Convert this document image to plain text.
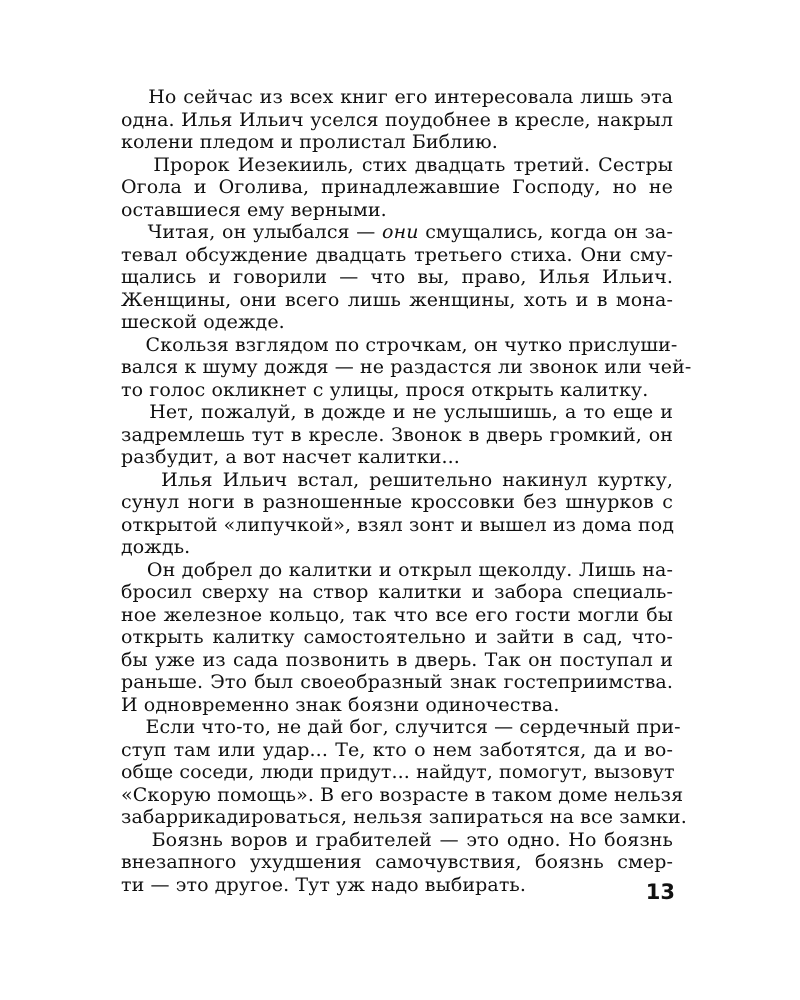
Но сейчас из всех книг его интересовала лишь эта
одна. Илья Ильич уселся поудобнее в кресле, накрыл
колени пледом и пролистал Библию.
Пророк Иезекииль, стих двадцать третий. Сестры
Огола и Оголива, принадлежавшие Господу, но не
оставшиеся ему верными.
Читая, он улыбался — они смущались, когда он за-
тевал обсуждение двадцать третьего стиха. Они сму-
щались и говорили — что вы, право, Илья Ильич.
Женщины, они всего лишь женщины, хоть и в мона-
шеской одежде.
Скользя взглядом по строчкам, он чутко прислуши-
вался к шуму дождя — не раздастся ли звонок или чей-
то голос окликнет с улицы, прося открыть калитку.
Нет, пожалуй, в дожде и не услышишь, а то еще и
задремлешь тут в кресле. Звонок в дверь громкий, он
разбудит, а вот насчет калитки...
Илья Ильич встал, решительно накинул куртку,
сунул ноги в разношенные кроссовки без шнурков с
открытой «липучкой», взял зонт и вышел из дома под
дождь.
Он добрел до калитки и открыл щеколду. Лишь на-
бросил сверху на створ калитки и забора специаль-
ное железное кольцо, так что все его гости могли бы
открыть калитку самостоятельно и зайти в сад, что-
бы уже из сада позвонить в дверь. Так он поступал и
раньше. Это был своеобразный знак гостеприимства.
И одновременно знак боязни одиночества.
Если что-то, не дай бог, случится — сердечный при-
ступ там или удар... Те, кто о нем заботятся, да и во-
обще соседи, люди придут... найдут, помогут, вызовут
«Скорую помощь». В его возрасте в таком доме нельзя
забаррикадироваться, нельзя запираться на все замки.
Боязнь воров и грабителей — это одно. Но боязнь
внезапного ухудшения самочувствия, боязнь смер-
ти — это другое. Тут уж надо выбирать.	13
